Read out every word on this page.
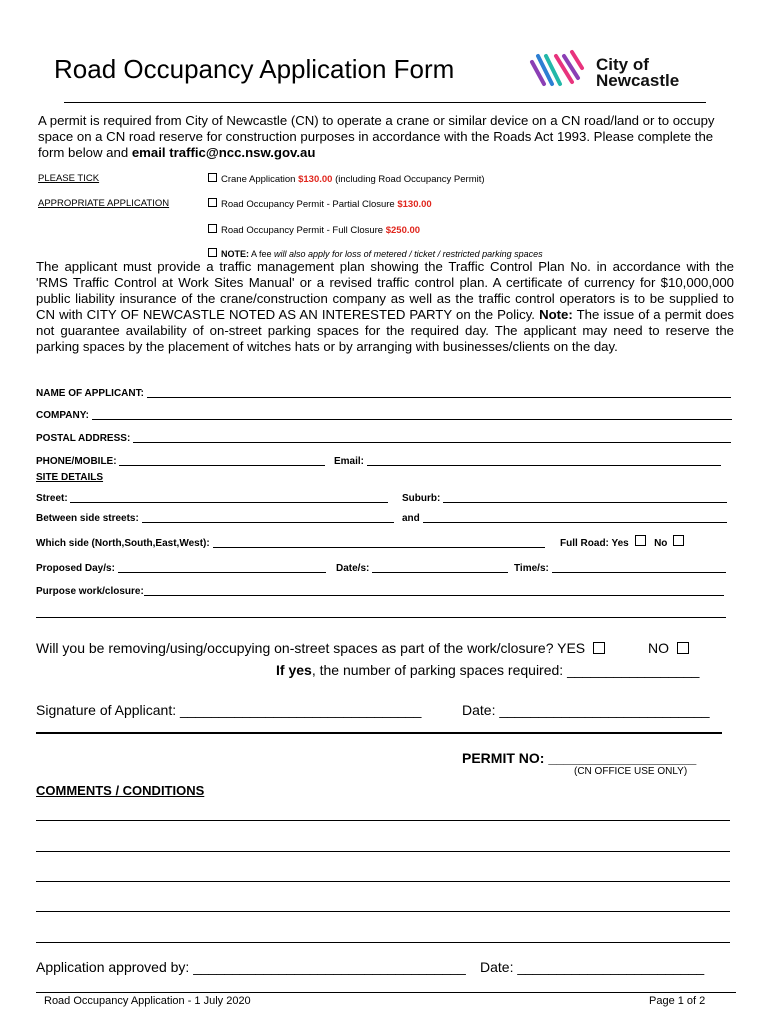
Road Occupancy Application Form	City of
Newcastle
A permit is required from City of Newcastle (CN) to operate a crane or similar device on a CN road/land or to occupy space on a CN road reserve for construction purposes in accordance with the Roads Act 1993. Please complete the form below and email traffic@ncc.nsw.gov.au
PLEASE TICK
APPROPRIATE APPLICATION
Crane Application $130.00 (including Road Occupancy Permit)
Road Occupancy Permit - Partial Closure $130.00
Road Occupancy Permit - Full Closure $250.00
NOTE: A fee will also apply for loss of metered / ticket / restricted parking spaces
The applicant must provide a traffic management plan showing the Traffic Control Plan No. in accordance with the 'RMS Traffic Control at Work Sites Manual' or a revised traffic control plan. A certificate of currency for $10,000,000 public liability insurance of the crane/construction company as well as the traffic control operators is to be supplied to CN with CITY OF NEWCASTLE NOTED AS AN INTERESTED PARTY on the Policy. Note: The issue of a permit does not guarantee availability of on-street parking spaces for the required day. The applicant may need to reserve the parking spaces by the placement of witches hats or by arranging with businesses/clients on the day.
NAME OF APPLICANT:
COMPANY:
POSTAL ADDRESS:
PHONE/MOBILE:	Email:
SITE DETAILS
Street:	Suburb:
Between side streets:	and
Which side (North,South,East,West):	Full Road: Yes	No
Proposed Day/s:	Date/s:	Time/s:
Purpose work/closure:
Will you be removing/using/occupying on-street spaces as part of the work/closure? YES	NO
If yes, the number of parking spaces required: _________________
Signature of Applicant: _______________________________	Date: ___________________________
PERMIT NO: ___________________
(CN OFFICE USE ONLY)
COMMENTS / CONDITIONS
Application approved by: ___________________________________ Date: ________________________
Road Occupancy Application - 1 July 2020	Page 1 of 2
